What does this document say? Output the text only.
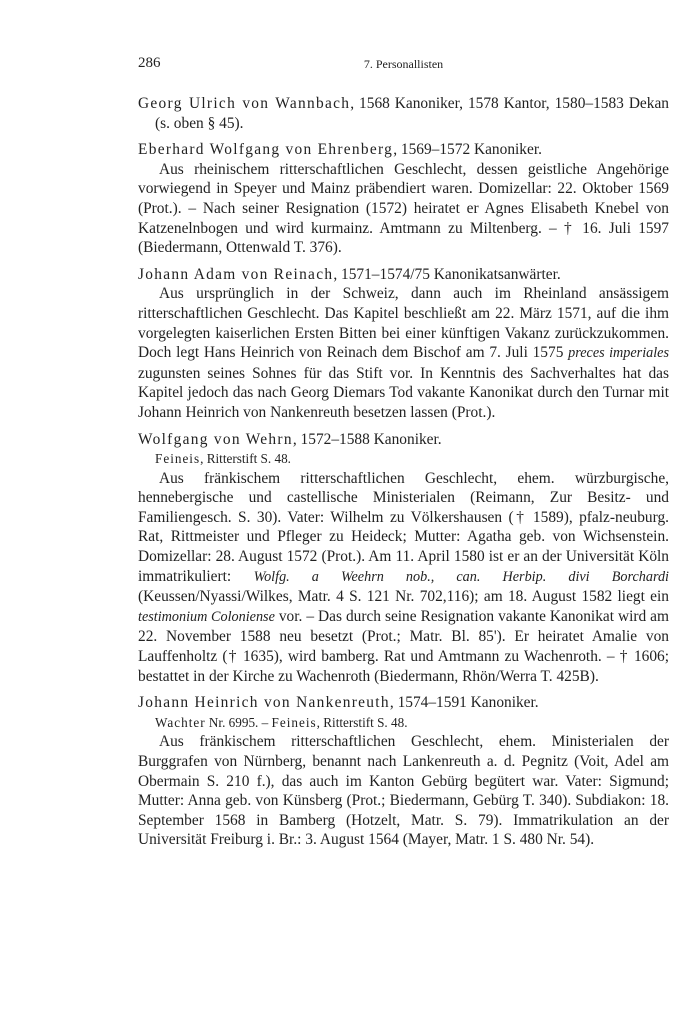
286	7. Personallisten

Georg Ulrich von Wannbach, 1568 Kanoniker, 1578 Kantor, 1580–1583 Dekan (s. oben § 45).

Eberhard Wolfgang von Ehrenberg, 1569–1572 Kanoniker.

Aus rheinischem ritterschaftlichen Geschlecht, dessen geistliche Angehörige vorwiegend in Speyer und Mainz präbendiert waren. Domizellar: 22. Oktober 1569 (Prot.). – Nach seiner Resignation (1572) heiratet er Agnes Elisabeth Knebel von Katzenelnbogen und wird kurmainz. Amtmann zu Miltenberg. – † 16. Juli 1597 (Biedermann, Ottenwald T. 376).

Johann Adam von Reinach, 1571–1574/75 Kanonikatsanwärter.

Aus ursprünglich in der Schweiz, dann auch im Rheinland ansässigem ritterschaftlichen Geschlecht. Das Kapitel beschließt am 22. März 1571, auf die ihm vorgelegten kaiserlichen Ersten Bitten bei einer künftigen Vakanz zurückzukommen. Doch legt Hans Heinrich von Reinach dem Bischof am 7. Juli 1575 preces imperiales zugunsten seines Sohnes für das Stift vor. In Kenntnis des Sachverhaltes hat das Kapitel jedoch das nach Georg Diemars Tod vakante Kanonikat durch den Turnar mit Johann Heinrich von Nankenreuth besetzen lassen (Prot.).

Wolfgang von Wehrn, 1572–1588 Kanoniker.

Feineis, Ritterstift S. 48.

Aus fränkischem ritterschaftlichen Geschlecht, ehem. würzburgische, hennebergische und castellische Ministerialen (Reimann, Zur Besitz- und Familiengesch. S. 30). Vater: Wilhelm zu Völkershausen († 1589), pfalz-neuburg. Rat, Rittmeister und Pfleger zu Heideck; Mutter: Agatha geb. von Wichsenstein. Domizellar: 28. August 1572 (Prot.). Am 11. April 1580 ist er an der Universität Köln immatrikuliert: Wolfg. a Weehrn nob., can. Herbip. divi Borchardi (Keussen/Nyassi/Wilkes, Matr. 4 S. 121 Nr. 702,116); am 18. August 1582 liegt ein testimonium Coloniense vor. – Das durch seine Resignation vakante Kanonikat wird am 22. November 1588 neu besetzt (Prot.; Matr. Bl. 85'). Er heiratet Amalie von Lauffenholtz († 1635), wird bamberg. Rat und Amtmann zu Wachenroth. – † 1606; bestattet in der Kirche zu Wachenroth (Biedermann, Rhön/Werra T. 425B).

Johann Heinrich von Nankenreuth, 1574–1591 Kanoniker.

Wachter Nr. 6995. – Feineis, Ritterstift S. 48.

Aus fränkischem ritterschaftlichen Geschlecht, ehem. Ministerialen der Burggrafen von Nürnberg, benannt nach Lankenreuth a. d. Pegnitz (Voit, Adel am Obermain S. 210 f.), das auch im Kanton Gebürg begütert war. Vater: Sigmund; Mutter: Anna geb. von Künsberg (Prot.; Biedermann, Gebürg T. 340). Subdiakon: 18. September 1568 in Bamberg (Hotzelt, Matr. S. 79). Immatrikulation an der Universität Freiburg i. Br.: 3. August 1564 (Mayer, Matr. 1 S. 480 Nr. 54).
